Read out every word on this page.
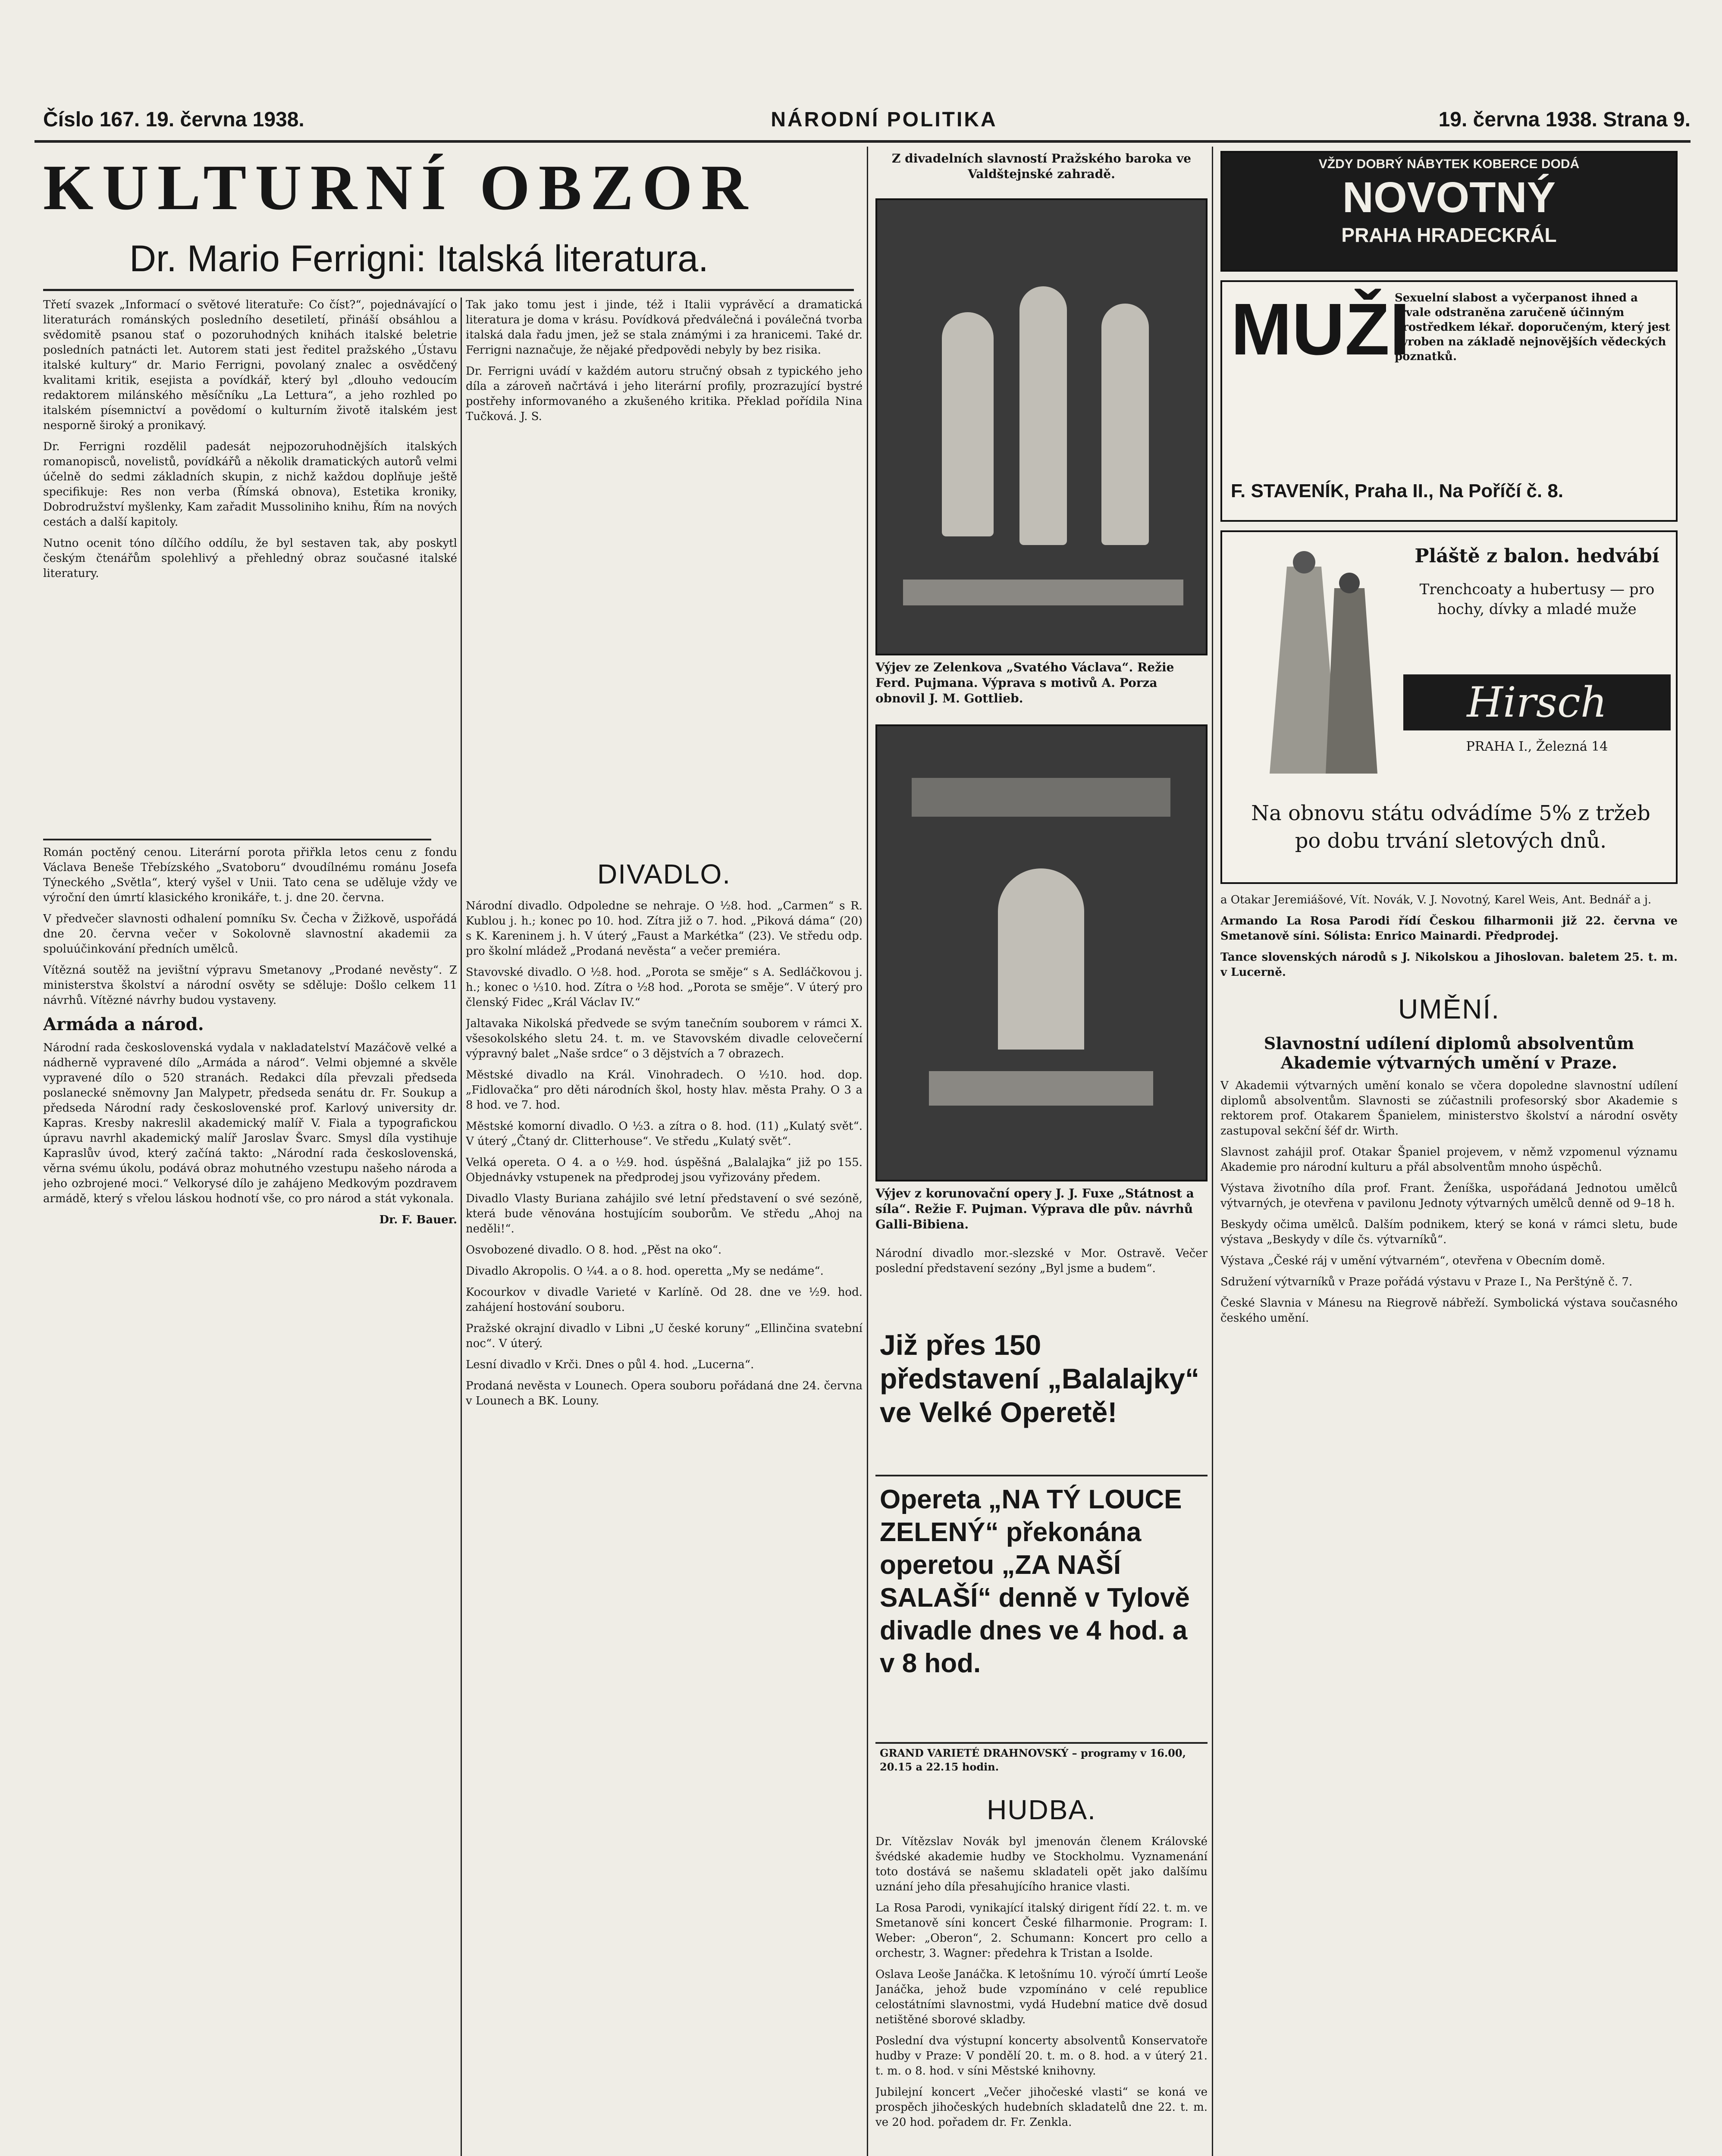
Číslo 167. 19. června 1938.	NÁRODNÍ POLITIKA	19. června 1938. Strana 9.
KULTURNÍ OBZOR
Dr. Mario Ferrigni: Italská literatura.

Třetí svazek „Informací o světové literatuře: Co číst?“, pojednávající o literaturách románských posledního desetiletí, přináší obsáhlou a svědomitě psanou stať o pozoruhodných knihách italské beletrie posledních patnácti let. Autorem stati jest ředitel pražského „Ústavu italské kultury“ dr. Mario Ferrigni, povolaný znalec a osvědčený kvalitami kritik, esejista a povídkář, který byl „dlouho vedoucím redaktorem milánského měsíčníku „La Lettura“, a jeho rozhled po italském písemnictví a povědomí o kulturním životě italském jest nesporně široký a pronikavý.

Dr. Ferrigni rozdělil padesát nejpozoruhodnějších italských romanopisců, novelistů, povídkářů a několik dramatických autorů velmi účelně do sedmi základních skupin, z nichž každou doplňuje ještě specifikuje: Res non verba (Římská obnova), Estetika kroniky, Dobrodružství myšlenky, Kam zařadit Mussoliniho knihu, Řím na nových cestách a další kapitoly.

Nutno ocenit tóno dílčího oddílu, že byl sestaven tak, aby poskytl českým čtenářům spolehlivý a přehledný obraz současné italské literatury.

Tak jako tomu jest i jinde, též i Italii vyprávěcí a dramatická literatura je doma v krásu. Povídková předválečná i poválečná tvorba italská dala řadu jmen, jež se stala známými i za hranicemi. Také dr. Ferrigni naznačuje, že nějaké předpovědi nebyly by bez risika.

Dr. Ferrigni uvádí v každém autoru stručný obsah z typického jeho díla a zároveň načrtává i jeho literární profily, prozrazující bystré postřehy informovaného a zkušeného kritika. Překlad pořídila Nina Tučková. J. S.

Román poctěný cenou. Literární porota přiřkla letos cenu z fondu Václava Beneše Třebízského „Svatoboru“ dvoudílnému románu Josefa Týneckého „Světla“, který vyšel v Unii. Tato cena se uděluje vždy ve výroční den úmrtí klasického kronikáře, t. j. dne 20. června.

V předvečer slavnosti odhalení pomníku Sv. Čecha v Žižkově, uspořádá dne 20. června večer v Sokolovně slavnostní akademii za spoluúčinkování předních umělců.

Vítězná soutěž na jevištní výpravu Smetanovy „Prodané nevěsty“. Z ministerstva školství a národní osvěty se sděluje: Došlo celkem 11 návrhů. Vítězné návrhy budou vystaveny.

Armáda a národ.

Národní rada československá vydala v nakladatelství Mazáčově velké a nádherně vypravené dílo „Armáda a národ“. Velmi objemné a skvěle vypravené dílo o 520 stranách. Redakci díla převzali předseda poslanecké sněmovny Jan Malypetr, předseda senátu dr. Fr. Soukup a předseda Národní rady československé prof. Karlový university dr. Kapras. Kresby nakreslil akademický malíř V. Fiala a typografickou úpravu navrhl akademický malíř Jaroslav Švarc. Smysl díla vystihuje Kapraslův úvod, který začíná takto: „Národní rada československá, věrna svému úkolu, podává obraz mohutného vzestupu našeho národa a jeho ozbrojené moci.“ Velkorysé dílo je zahájeno Medkovým pozdravem armádě, který s vřelou láskou hodnotí vše, co pro národ a stát vykonala.

Dr. F. Bauer.

DIVADLO.

Národní divadlo. Odpoledne se nehraje. O ½8. hod. „Carmen“ s R. Kublou j. h.; konec po 10. hod. Zítra již o 7. hod. „Piková dáma“ (20) s K. Kareninem j. h. V úterý „Faust a Markétka“ (23). Ve středu odp. pro školní mládež „Prodaná nevěsta“ a večer premiéra.

Stavovské divadlo. O ½8. hod. „Porota se směje“ s A. Sedláčkovou j. h.; konec o ⅓10. hod. Zítra o ½8 hod. „Porota se směje“. V úterý pro členský Fidec „Král Václav IV.“

Jaltavaka Nikolská předvede se svým tanečním souborem v rámci X. všesokolského sletu 24. t. m. ve Stavovském divadle celovečerní výpravný balet „Naše srdce“ o 3 dějstvích a 7 obrazech.

Městské divadlo na Král. Vinohradech. O ½10. hod. dop. „Fidlovačka“ pro děti národních škol, hosty hlav. města Prahy. O 3 a 8 hod. ve 7. hod.

Městské komorní divadlo. O ½3. a zítra o 8. hod. (11) „Kulatý svět“. V úterý „Čtaný dr. Clitterhouse“. Ve středu „Kulatý svět“.

Velká opereta. O 4. a o ½9. hod. úspěšná „Balalajka“ již po 155. Objednávky vstupenek na předprodej jsou vyřizovány předem.

Divadlo Vlasty Buriana zahájilo své letní představení o své sezóně, která bude věnována hostujícím souborům. Ve středu „Ahoj na neděli!“.

Osvobozené divadlo. O 8. hod. „Pěst na oko“.

Divadlo Akropolis. O ¼4. a o 8. hod. operetta „My se nedáme“.

Kocourkov v divadle Varieté v Karlíně. Od 28. dne ve ½9. hod. zahájení hostování souboru.

Pražské okrajní divadlo v Libni „U české koruny“ „Ellinčina svatební noc“. V úterý.

Lesní divadlo v Krči. Dnes o půl 4. hod. „Lucerna“.

Prodaná nevěsta v Lounech. Opera souboru pořádaná dne 24. června v Lounech a BK. Louny.

Z divadelních slavností Pražského baroka ve Valdštejnské zahradě.
Výjev ze Zelenkova „Svatého Václava“. Režie Ferd. Pujmana. Výprava s motivů A. Porza obnovil J. M. Gottlieb.
Výjev z korunovační opery J. J. Fuxe „Státnost a síla“. Režie F. Pujman. Výprava dle pův. návrhů Galli-Bibiena.

Národní divadlo mor.-slezské v Mor. Ostravě. Večer poslední představení sezóny „Byl jsme a budem“.

Již přes 150 představení „Balalajky“ ve Velké Operetě!
Opereta „NA TÝ LOUCE ZELENÝ“ překonána operetou „ZA NAŠÍ SALAŠÍ“ denně v Tylově divadle dnes ve 4 hod. a v 8 hod.
GRAND VARIETÉ DRAHNOVSKÝ – programy v 16.00, 20.15 a 22.15 hodin.
HUDBA.

Dr. Vítězslav Novák byl jmenován členem Královské švédské akademie hudby ve Stockholmu. Vyznamenání toto dostává se našemu skladateli opět jako dalšímu uznání jeho díla přesahujícího hranice vlasti.

La Rosa Parodi, vynikající italský dirigent řídí 22. t. m. ve Smetanově síni koncert České filharmonie. Program: I. Weber: „Oberon“, 2. Schumann: Koncert pro cello a orchestr, 3. Wagner: předehra k Tristan a Isolde.

Oslava Leoše Janáčka. K letošnímu 10. výročí úmrtí Leoše Janáčka, jehož bude vzpomínáno v celé republice celostátními slavnostmi, vydá Hudební matice dvě dosud netištěné sborové skladby.

Poslední dva výstupní koncerty absolventů Konservatoře hudby v Praze: V pondělí 20. t. m. o 8. hod. a v úterý 21. t. m. o 8. hod. v síni Městské knihovny.

Jubilejní koncert „Večer jihočeské vlasti“ se koná ve prospěch jihočeských hudebních skladatelů dne 22. t. m. ve 20 hod. pořadem dr. Fr. Zenkla.

VŽDY DOBRÝ NÁBYTEK KOBERCE DODÁ
NOVOTNÝ
PRAHA HRADECKRÁL
MUŽI
Sexuelní slabost a vyčerpanost ihned a trvale odstraněna zaručeně účinným prostředkem lékař. doporučeným, který jest vyroben na základě nejnovějších vědeckých poznatků.
F. STAVENÍK, Praha II., Na Poříčí č. 8.
Pláště z balon. hedvábí
Trenchcoaty a hubertusy — pro hochy, dívky a mladé muže
Hirsch
PRAHA I., Železná 14
Na obnovu státu odvádíme 5% z tržeb po dobu trvání sletových dnů.

a Otakar Jeremiášové, Vít. Novák, V. J. Novotný, Karel Weis, Ant. Bednář a j.

Armando La Rosa Parodi řídí Českou filharmonii již 22. června ve Smetanově síni. Sólista: Enrico Mainardi. Předprodej.

Tance slovenských národů s J. Nikolskou a Jihoslovan. baletem 25. t. m. v Lucerně.

UMĚNÍ.
Slavnostní udílení diplomů absolventům Akademie výtvarných umění v Praze.

V Akademii výtvarných umění konalo se včera dopoledne slavnostní udílení diplomů absolventům. Slavnosti se zúčastnili profesorský sbor Akademie s rektorem prof. Otakarem Španielem, ministerstvo školství a národní osvěty zastupoval sekční šéf dr. Wirth.

Slavnost zahájil prof. Otakar Španiel projevem, v němž vzpomenul významu Akademie pro národní kulturu a přál absolventům mnoho úspěchů.

Výstava životního díla prof. Frant. Ženíška, uspořádaná Jednotou umělců výtvarných, je otevřena v pavilonu Jednoty výtvarných umělců denně od 9–18 h.

Beskydy očima umělců. Dalším podnikem, který se koná v rámci sletu, bude výstava „Beskydy v díle čs. výtvarníků“.

Výstava „České ráj v umění výtvarném“, otevřena v Obecním domě.

Sdružení výtvarníků v Praze pořádá výstavu v Praze I., Na Perštýně č. 7.

České Slavnia v Mánesu na Riegrově nábřeží. Symbolická výstava současného českého umění.
